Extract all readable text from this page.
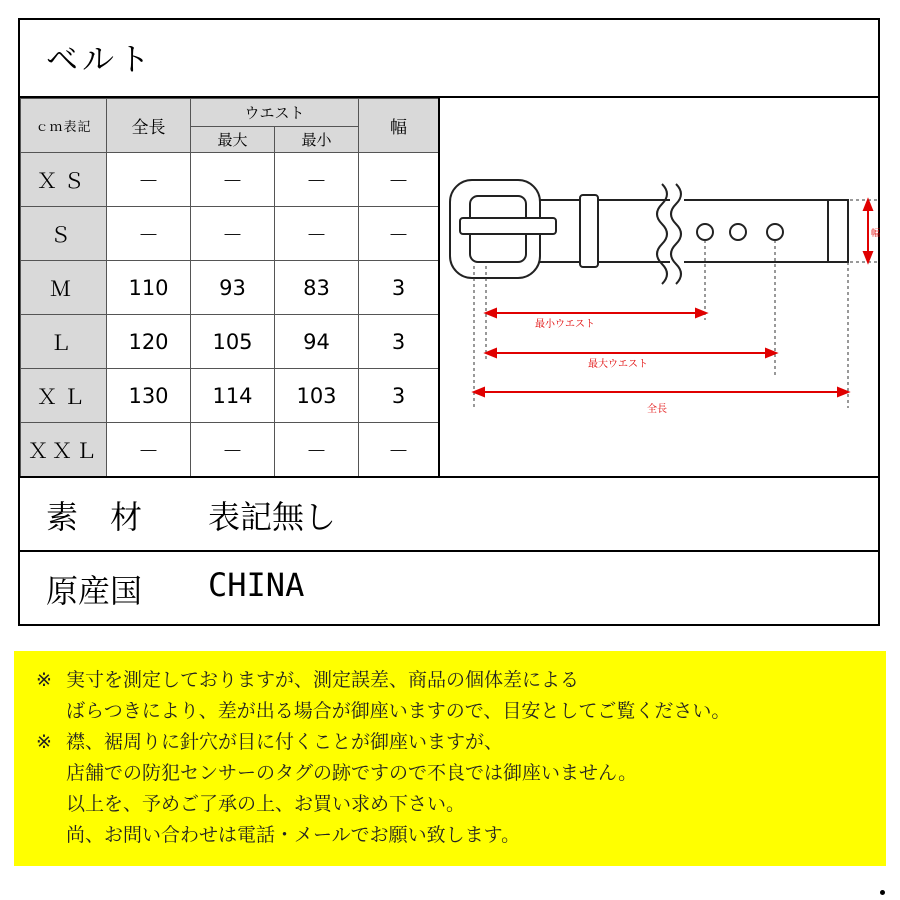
ベルト
ｃｍ表記	全長	ウエスト		幅
		最大	最小	
ＸＳ	－	－	－	－
Ｓ	－	－	－	－
Ｍ	110	93	83	3
Ｌ	120	105	94	3
ＸＬ	130	114	103	3
ＸＸＬ	－	－	－	－
幅
最小ウエスト
最大ウエスト
全長
素　材 表記無し
原産国 CHINA
※ 実寸を測定しておりますが、測定誤差、商品の個体差による
ばらつきにより、差が出る場合が御座いますので、目安としてご覧ください。
※ 襟、裾周りに針穴が目に付くことが御座いますが、
店舗での防犯センサーのタグの跡ですので不良では御座いません。
以上を、予めご了承の上、お買い求め下さい。
尚、お問い合わせは電話・メールでお願い致します。
